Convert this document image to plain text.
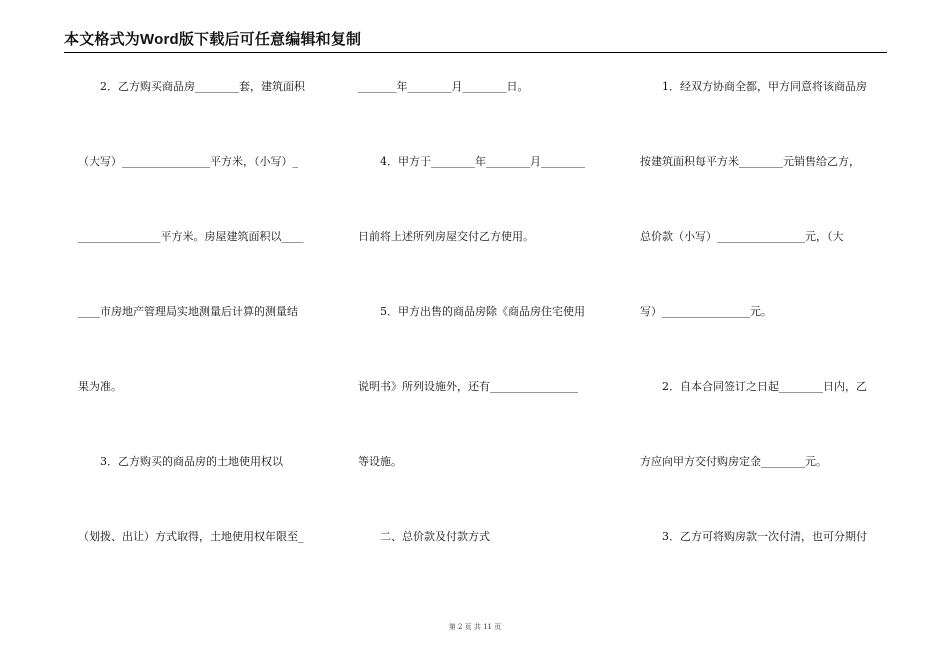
本文格式为Word版下载后可任意编辑和复制
　　2．乙方购买商品房________套，建筑面积
（大写）________________平方米，（小写）_
_______________平方米。房屋建筑面积以____
____市房地产管理局实地测量后计算的测量结
果为准。
　　3．乙方购买的商品房的土地使用权以
（划拨、出让）方式取得，土地使用权年限至_
_______年________月________日。
　　4．甲方于________年________月________
日前将上述所列房屋交付乙方使用。
　　5．甲方出售的商品房除《商品房住宅使用
说明书》所列设施外，还有________________
等设施。
　　二、总价款及付款方式
　　1．经双方协商全都，甲方同意将该商品房
按建筑面积每平方米________元销售给乙方，
总价款（小写）________________元，（大
写）________________元。
　　2．自本合同签订之日起________日内，乙
方应向甲方交付购房定金________元。
　　3．乙方可将购房款一次付清，也可分期付
第 2 页 共 11 页
